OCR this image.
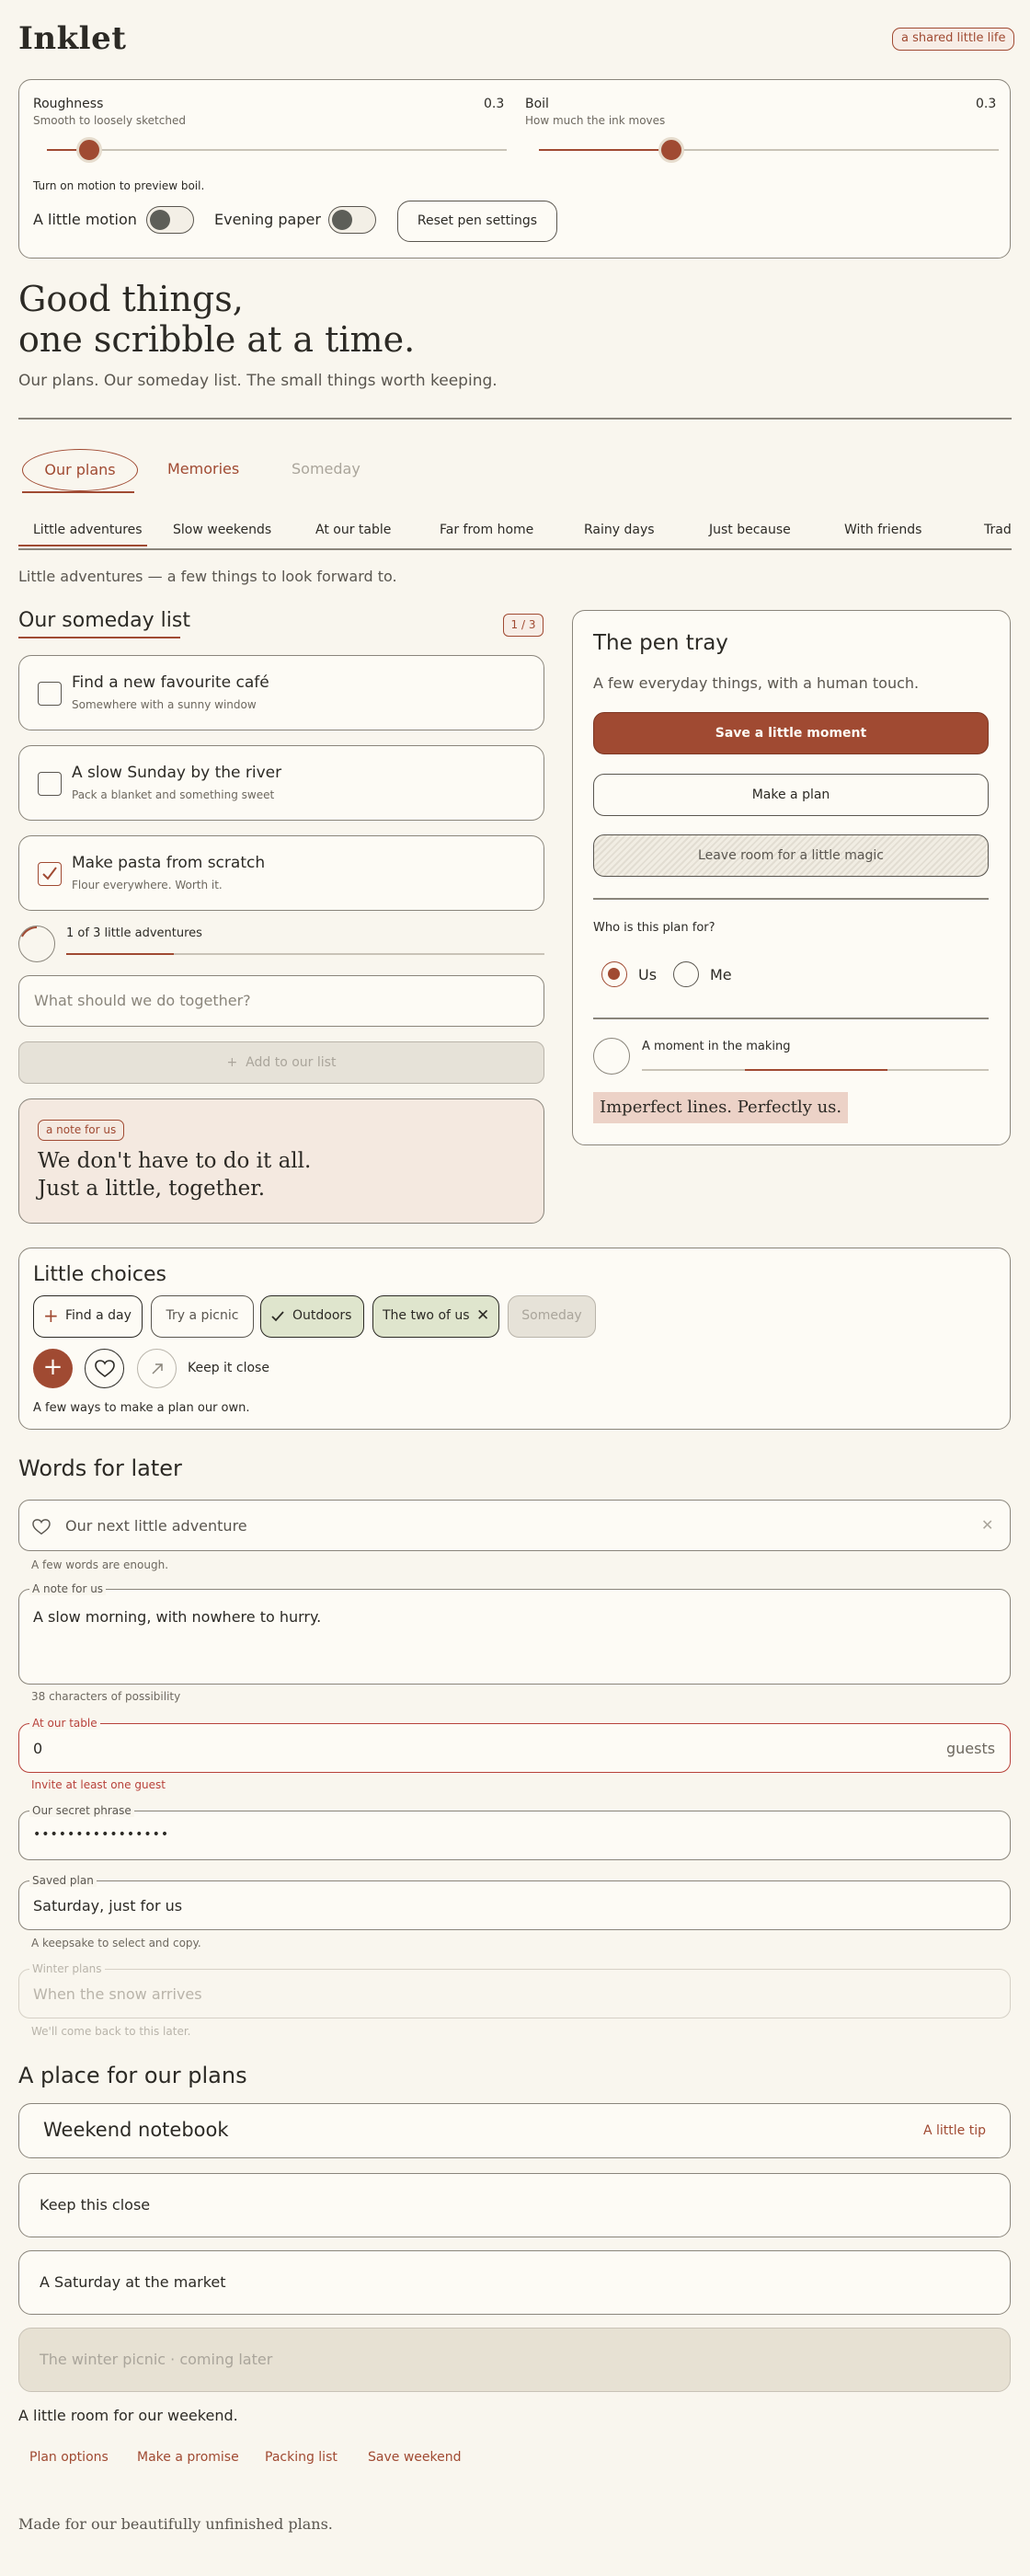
Inklet	a shared little life
Roughness
Smooth to loosely sketched
0.3 Boil
How much the ink moves
0.3
Turn on motion to preview boil.
A little motion	Evening paper	Reset pen settings
Good things,
one scribble at a time.
Our plans. Our someday list. The small things worth keeping.
Our plans	Memories	Someday
Little adventures Slow weekends	At our table	Far from home	Rainy days	Just because	With friends	Trad
Little adventures — a few things to look forward to.
Our someday list	1 / 3
Find a new favourite café
Somewhere with a sunny window
A slow Sunday by the river
Pack a blanket and something sweet
Make pasta from scratch
Flour everywhere. Worth it.
1 of 3 little adventures
What should we do together?
+ Add to our list
a note for us
We don't have to do it all.
Just a little, together.
The pen tray
A few everyday things, with a human touch.
Save a little moment
Make a plan
Leave room for a little magic
Who is this plan for?
Us	Me
A moment in the making
Imperfect lines. Perfectly us.
Little choices
+ Find a day	Try a picnic	Outdoors	The two of us ✕	Someday
+	Keep it close
A few ways to make a plan our own.
Words for later
Our next little adventure	✕
A few words are enough.
A slow morning, with nowhere to hurry.
A note for us
38 characters of possibility
0	guests
At our table
Invite at least one guest
••••••••••••••••
Our secret phrase
Saturday, just for us
Saved plan
A keepsake to select and copy.
When the snow arrives
Winter plans
We'll come back to this later.
A place for our plans
Weekend notebook	A little tip
Keep this close
A Saturday at the market
The winter picnic · coming later
A little room for our weekend.
Plan options Make a promise Packing list Save weekend
Made for our beautifully unfinished plans.
